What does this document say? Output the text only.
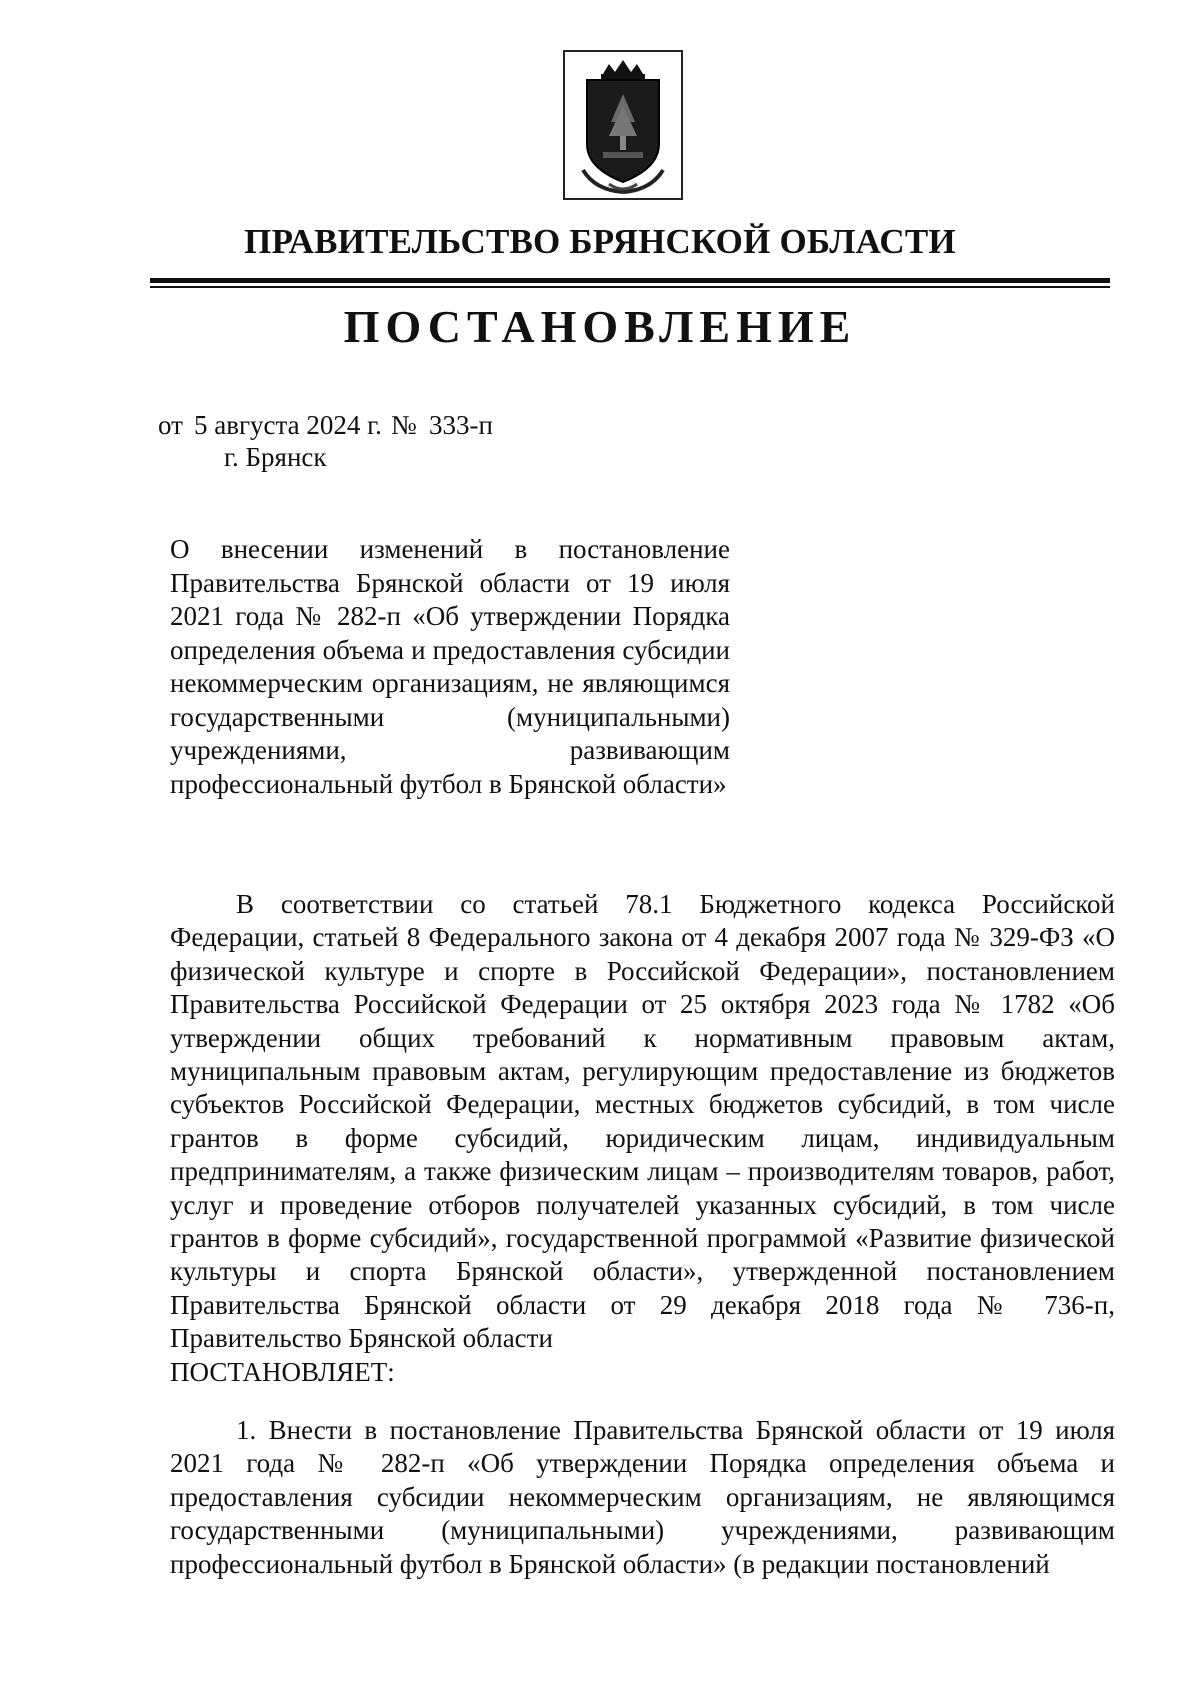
ПРАВИТЕЛЬСТВО БРЯНСКОЙ ОБЛАСТИ
ПОСТАНОВЛЕНИЕ
от 5 августа 2024 г. № 333-п
г. Брянск
О внесении изменений в постановление Правительства Брянской области от 19 июля 2021 года № 282-п «Об утверждении Порядка определения объема и предоставления субсидии некоммерческим организациям, не являющимся государственными (муниципальными) учреждениями, развивающим профессиональный футбол в Брянской области»

В соответствии со статьей 78.1 Бюджетного кодекса Российской Федерации, статьей 8 Федерального закона от 4 декабря 2007 года № 329-ФЗ «О физической культуре и спорте в Российской Федерации», постановлением Правительства Российской Федерации от 25 октября 2023 года № 1782 «Об утверждении общих требований к нормативным правовым актам, муниципальным правовым актам, регулирующим предоставление из бюджетов субъектов Российской Федерации, местных бюджетов субсидий, в том числе грантов в форме субсидий, юридическим лицам, индивидуальным предпринимателям, а также физическим лицам – производителям товаров, работ, услуг и проведение отборов получателей указанных субсидий, в том числе грантов в форме субсидий», государственной программой «Развитие физической культуры и спорта Брянской области», утвержденной постановлением Правительства Брянской области от 29 декабря 2018 года № 736-п, Правительство Брянской области

ПОСТАНОВЛЯЕТ:

1. Внести в постановление Правительства Брянской области от 19 июля 2021 года № 282-п «Об утверждении Порядка определения объема и предоставления субсидии некоммерческим организациям, не являющимся государственными (муниципальными) учреждениями, развивающим профессиональный футбол в Брянской области» (в редакции постановлений
